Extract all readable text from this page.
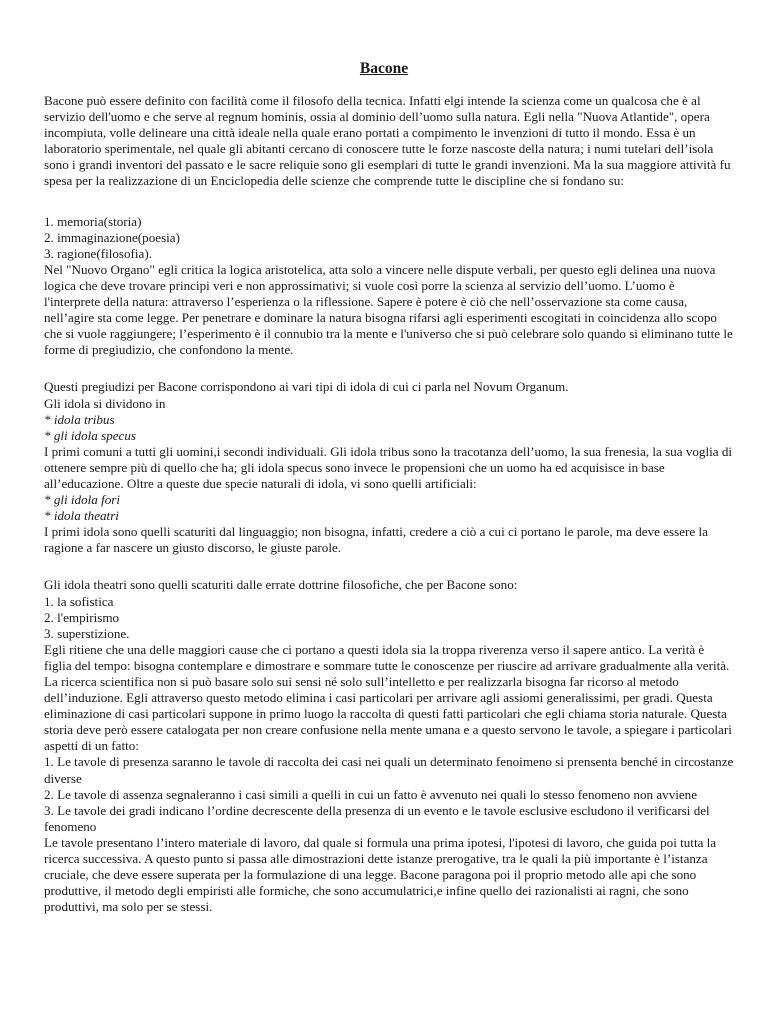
Bacone

Bacone può essere definito con facilità come il filosofo della tecnica. Infatti elgi intende la scienza come un qualcosa che è al servizio dell'uomo e che serve al regnum hominis, ossia al dominio dell’uomo sulla natura. Egli nella "Nuova Atlantide", opera incompiuta, volle delineare una città ideale nella quale erano portati a compimento le invenzioni di tutto il mondo. Essa è un laboratorio sperimentale, nel quale gli abitanti cercano di conoscere tutte le forze nascoste della natura; i numi tutelari dell’isola sono i grandi inventori del passato e le sacre reliquie sono gli esemplari di tutte le grandi invenzioni. Ma la sua maggiore attività fu spesa per la realizzazione di un Enciclopedia delle scienze che comprende tutte le discipline che si fondano su:

1. memoria(storia)

2. immaginazione(poesia)

3. ragione(filosofia).

Nel "Nuovo Organo" egli critica la logica aristotelica, atta solo a vincere nelle dispute verbali, per questo egli delinea una nuova logica che deve trovare principi veri e non approssimativi; si vuole così porre la scienza al servizio dell’uomo. L’uomo è l'interprete della natura: attraverso l’esperienza o la riflessione. Sapere è potere è ciò che nell’osservazione sta come causa, nell’agire sta come legge. Per penetrare e dominare la natura bisogna rifarsi agli esperimenti escogitati in coincidenza allo scopo che si vuole raggiungere; l’esperimento è il connubio tra la mente e l'universo che si può celebrare solo quando si eliminano tutte le forme di pregiudizio, che confondono la mente.

Questi pregiudizi per Bacone corrispondono ai vari tipi di idola di cui ci parla nel Novum Organum.

Gli idola si dividono in

* idola tribus

* gli idola specus

I primi comuni a tutti gli uomini,i secondi individuali. Gli idola tribus sono la tracotanza dell’uomo, la sua frenesia, la sua voglia di ottenere sempre più di quello che ha; gli idola specus sono invece le propensioni che un uomo ha ed acquisisce in base all’educazione. Oltre a queste due specie naturali di idola, vi sono quelli artificiali:

* gli idola fori

* idola theatri

I primi idola sono quelli scaturiti dal linguaggio; non bisogna, infatti, credere a ciò a cui ci portano le parole, ma deve essere la ragione a far nascere un giusto discorso, le giuste parole.

Gli idola theatri sono quelli scaturiti dalle errate dottrine filosofiche, che per Bacone sono:

1. la sofistica

2. l'empirismo

3. superstizione.

Egli ritiene che una delle maggiori cause che ci portano a questi idola sia la troppa riverenza verso il sapere antico. La verità è figlia del tempo: bisogna contemplare e dimostrare e sommare tutte le conoscenze per riuscire ad arrivare gradualmente alla verità. La ricerca scientifica non si può basare solo sui sensi né solo sull’intelletto e per realizzarla bisogna far ricorso al metodo dell’induzione. Egli attraverso questo metodo elimina i casi particolari per arrivare agli assiomi generalissimi, per gradi. Questa eliminazione di casi particolari suppone in primo luogo la raccolta di questi fatti particolari che egli chiama storia naturale. Questa storia deve però essere catalogata per non creare confusione nella mente umana e a questo servono le tavole, a spiegare i particolari aspetti di un fatto:

1. Le tavole di presenza saranno le tavole di raccolta dei casi nei quali un determinato fenoimeno si prensenta benché in circostanze diverse

2. Le tavole di assenza segnaleranno i casi simili a quelli in cui un fatto è avvenuto nei quali lo stesso fenomeno non avviene

3. Le tavole dei gradi indicano l’ordine decrescente della presenza di un evento e le tavole esclusive escludono il verificarsi del fenomeno

Le tavole presentano l’intero materiale di lavoro, dal quale si formula una prima ipotesi, l'ipotesi di lavoro, che guida poi tutta la ricerca successiva. A questo punto si passa alle dimostrazioni dette istanze prerogative, tra le quali la più importante è l’istanza cruciale, che deve essere superata per la formulazione di una legge. Bacone paragona poi il proprio metodo alle api che sono produttive, il metodo degli empiristi alle formiche, che sono accumulatrici,e infine quello dei razionalisti ai ragni, che sono produttivi, ma solo per se stessi.
